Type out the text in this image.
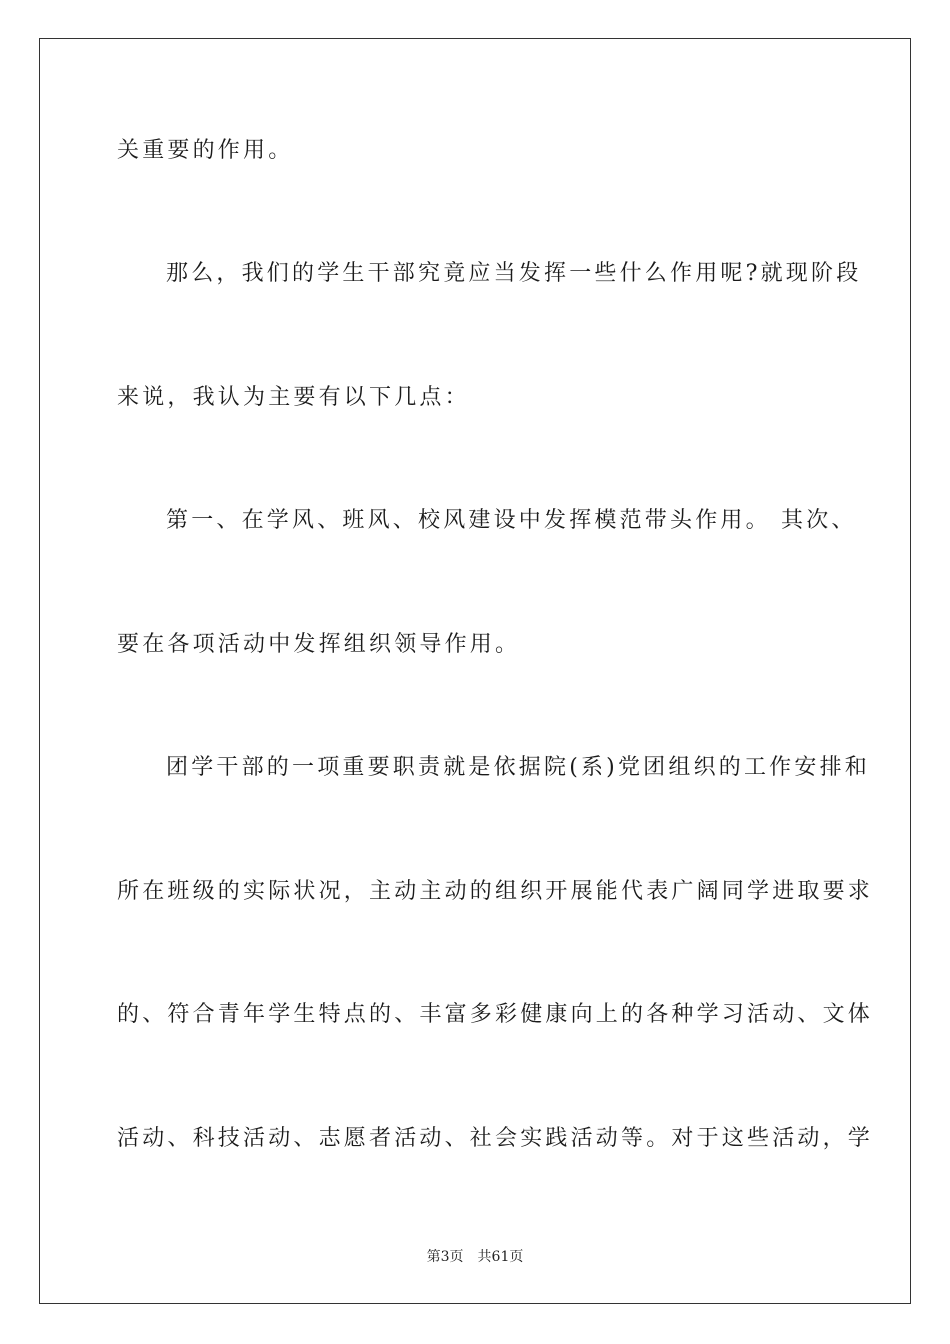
关重要的作用。
那么，我们的学生干部究竟应当发挥一些什么作用呢?就现阶段
来说，我认为主要有以下几点：
第一、在学风、班风、校风建设中发挥模范带头作用。 其次、
要在各项活动中发挥组织领导作用。
团学干部的一项重要职责就是依据院(系)党团组织的工作安排和
所在班级的实际状况，主动主动的组织开展能代表广阔同学进取要求
的、符合青年学生特点的、丰富多彩健康向上的各种学习活动、文体
活动、科技活动、志愿者活动、社会实践活动等。对于这些活动，学
第3页 共61页
